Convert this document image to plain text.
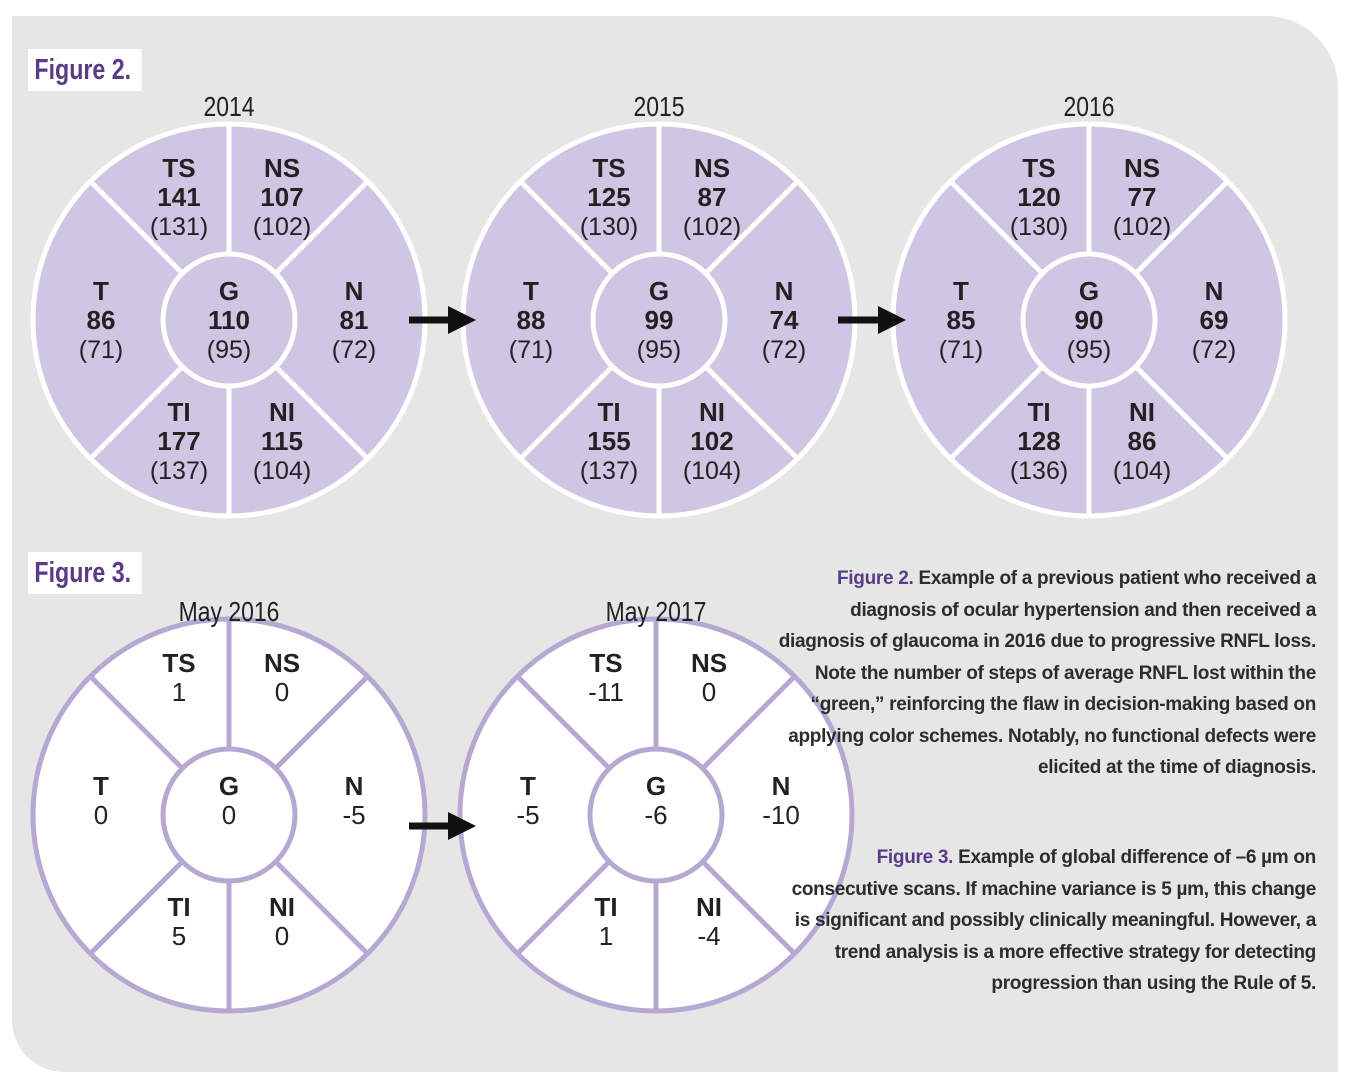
Figure 2.
Figure 3.
2014
TS
141
(131)
NS
107
(102)
T
86
(71)
G
110
(95)
N
81
(72)
TI
177
(137)
NI
115
(104)
2015
TS
125
(130)
NS
87
(102)
T
88
(71)
G
99
(95)
N
74
(72)
TI
155
(137)
NI
102
(104)
2016
TS
120
(130)
NS
77
(102)
T
85
(71)
G
90
(95)
N
69
(72)
TI
128
(136)
NI
86
(104)
May 2016
TS
1
NS
0
T
0
G
0
N
-5
TI
5
NI
0
May 2017
TS
-11
NS
0
T
-5
G
-6
N
-10
TI
1
NI
-4
Figure 2. Example of a previous patient who received a diagnosis of ocular hypertension and then received a diagnosis of glaucoma in 2016 due to progressive RNFL loss. Note the number of steps of average RNFL lost within the “green,” reinforcing the flaw in decision-making based on applying color schemes. Notably, no functional defects were elicited at the time of diagnosis.
Figure 3. Example of global difference of –6 µm on consecutive scans. If machine variance is 5 µm, this change is significant and possibly clinically meaningful. However, a trend analysis is a more effective strategy for detecting progression than using the Rule of 5.
